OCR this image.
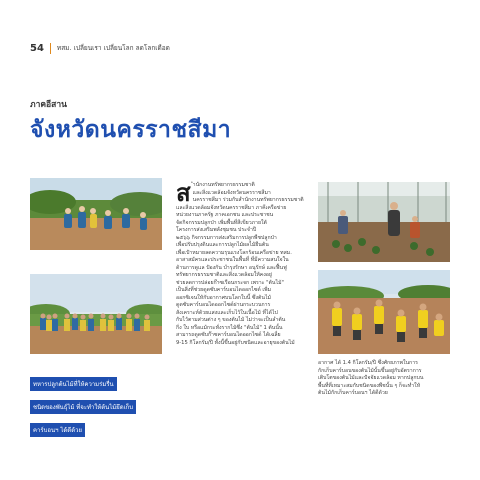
54 ทสม. เปลี่ยนเรา เปลี่ยนโลก ลดโลกเดือด
ภาคอีสาน
จังหวัดนครราชสีมา
ทหารปลูกต้นไม้ที่ให้ความร่มรื่น
ชนิดของพันธุ์ไม้ ที่จะทำให้ต้นไม้ยึดเก็บ
คาร์บอนฯ ได้ดีด้วย
ส ำนักงานทรัพยากรธรรมชาติ
และสิ่งแวดล้อมจังหวัดนครราชสีมา
นครราชสีมา ร่วมกับสำนักงานทรัพยากรธรรมชาติ
และสิ่งแวดล้อมจังหวัดนครราชสีมา ภาคีเครือข่าย
หน่วยงานภาครัฐ ภาคเอกชน และประชาชน
จัดกิจกรรมปลูกป่า เพิ่มพื้นที่สีเขียวภายใต้
โครงการส่งเสริมพลังชุมชน ประจำปี
๒๕๖๖ กิจกรรมการส่งเสริมการปลูกพืชปลูกป่า
เพื่อปรับปรุงดินและการปลูกไม้ผลไม้ยืนต้น
เพื่อเป้าหมายลดความรุนแรงโลกร้อนเครือข่าย ทสม.
อาสาสมัครและประชาชนในพื้นที่ ที่มีความสนใจใน
ด้านการดูแล ป้องกัน บำรุงรักษา อนุรักษ์ และฟื้นฟู
ทรัพยากรธรรมชาติและสิ่งแวดล้อมให้คงอยู่
ช่วยลดการปล่อยก๊าซเรือนกระจก เพราะ "ต้นไม้"
เป็นสิ่งที่ช่วยดูดซับคาร์บอนไดออกไซด์ เพิ่ม
ออกซิเจนให้กับอากาศบนโลกใบนี้ ซึ่งต้นไม้
ดูดซับคาร์บอนไดออกไซด์ผ่านกระบวนการ
สังเคราะห์ด้วยแสงและเก็บไว้ในเนื้อไม้ ที่ได้ไป
กับไว้ตามส่วนต่าง ๆ ของต้นไม้ ไม่ว่าจะเป็นลำต้น
กิ่ง ใบ หรือแม้กระทั่งรากไม้ซึ่ง "ต้นไม้" 1 ต้นนั้น
สามารถดูดซับก๊าซคาร์บอนไดออกไซด์ ได้เฉลี่ย
9-15 กิโลกรัม/ปี ทั้งนี้ขึ้นอยู่กับชนิดและอายุของต้นไม้
อากาศ ได้ 1.4 กิโลกรัม/ปี ซึ่งศักยภาพในการ
กักเก็บคาร์บอนของต้นไม้นั้นขึ้นอยู่กับอัตราการ
เติบโตของต้นไม้และปัจจัยแวดล้อม หากปลูกบน
พื้นที่ที่เหมาะสมกับชนิดของพืชนั้น ๆ ก็จะทำให้
ต้นไม้กักเก็บคาร์บอนฯ ได้ดีด้วย
